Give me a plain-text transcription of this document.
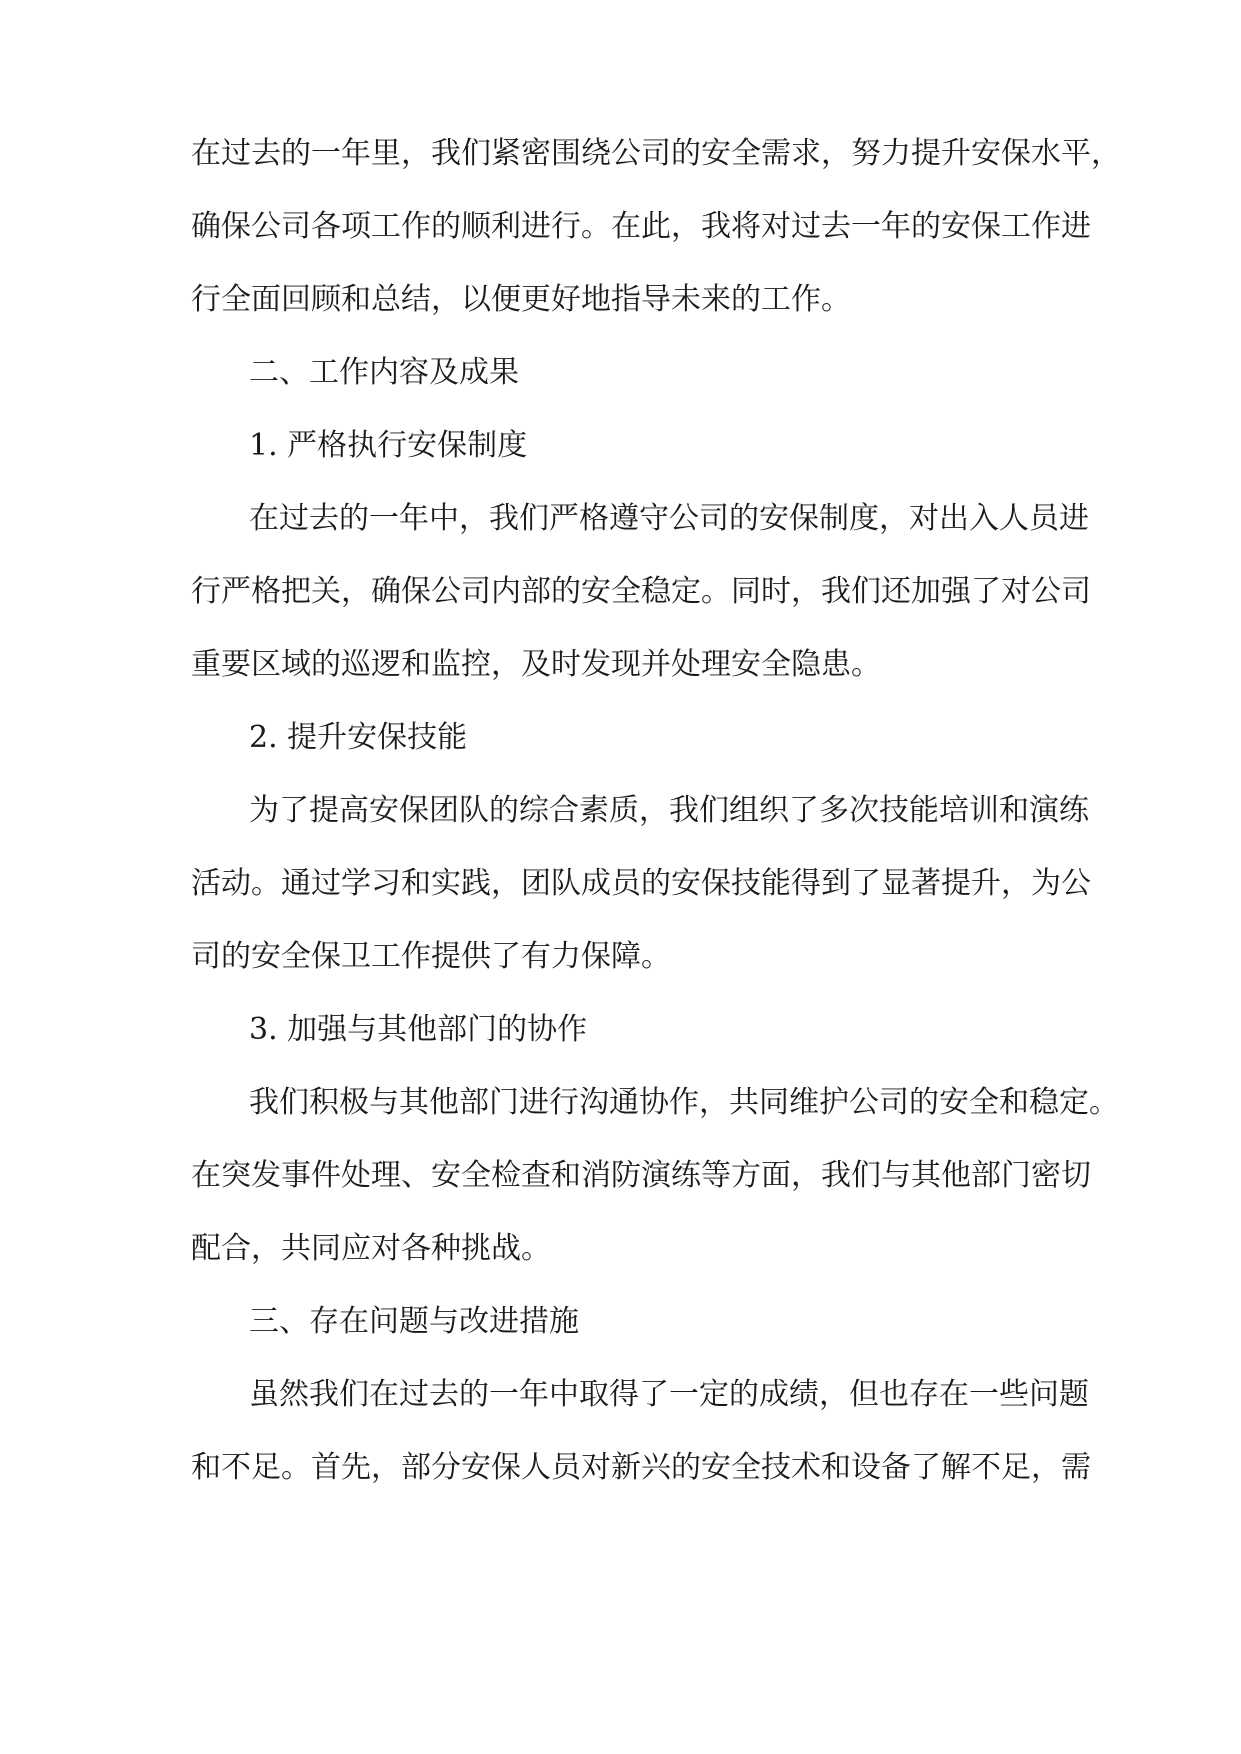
在过去的一年里，我们紧密围绕公司的安全需求，努力提升安保水平，
确保公司各项工作的顺利进行。在此，我将对过去一年的安保工作进
行全面回顾和总结，以便更好地指导未来的工作。
二、工作内容及成果
1. 严格执行安保制度
在过去的一年中，我们严格遵守公司的安保制度，对出入人员进
行严格把关，确保公司内部的安全稳定。同时，我们还加强了对公司
重要区域的巡逻和监控，及时发现并处理安全隐患。
2. 提升安保技能
为了提高安保团队的综合素质，我们组织了多次技能培训和演练
活动。通过学习和实践，团队成员的安保技能得到了显著提升，为公
司的安全保卫工作提供了有力保障。
3. 加强与其他部门的协作
我们积极与其他部门进行沟通协作，共同维护公司的安全和稳定。
在突发事件处理、安全检查和消防演练等方面，我们与其他部门密切
配合，共同应对各种挑战。
三、存在问题与改进措施
虽然我们在过去的一年中取得了一定的成绩，但也存在一些问题
和不足。首先，部分安保人员对新兴的安全技术和设备了解不足，需
